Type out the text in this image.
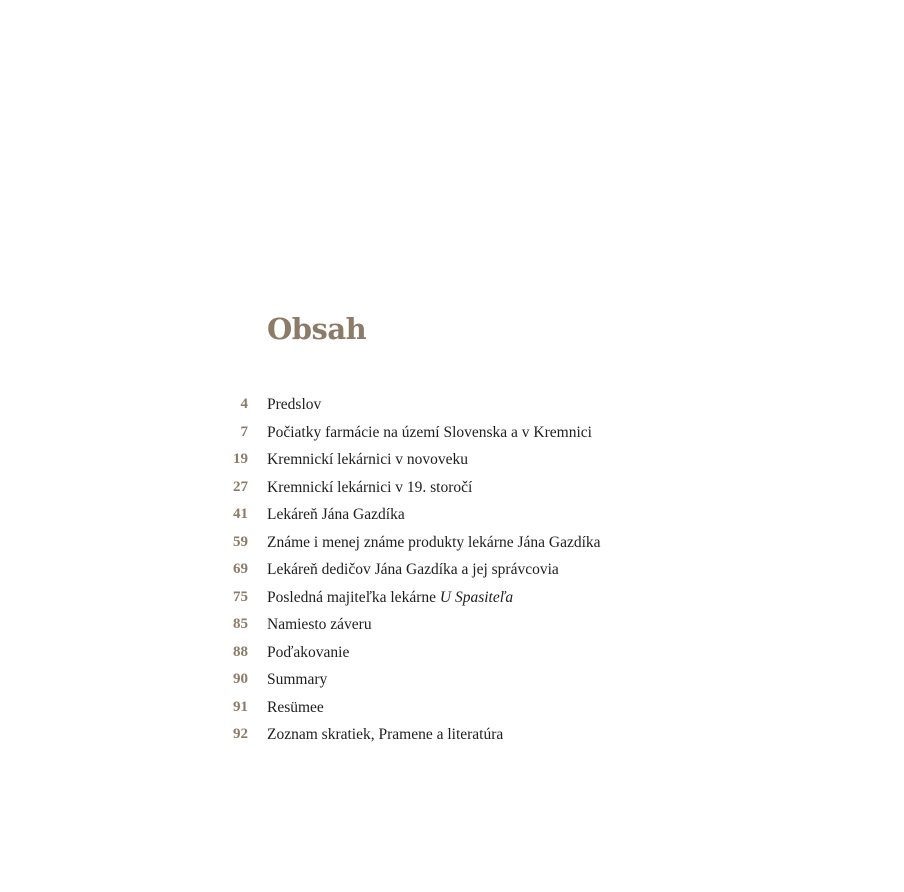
Obsah
4 Predslov
7 Počiatky farmácie na území Slovenska a v Kremnici
19 Kremnickí lekárnici v novoveku
27 Kremnickí lekárnici v 19. storočí
41 Lekáreň Jána Gazdíka
59 Známe i menej známe produkty lekárne Jána Gazdíka
69 Lekáreň dedičov Jána Gazdíka a jej správcovia
75 Posledná majiteľka lekárne U Spasiteľa
85 Namiesto záveru
88 Poďakovanie
90 Summary
91 Resümee
92 Zoznam skratiek, Pramene a literatúra
